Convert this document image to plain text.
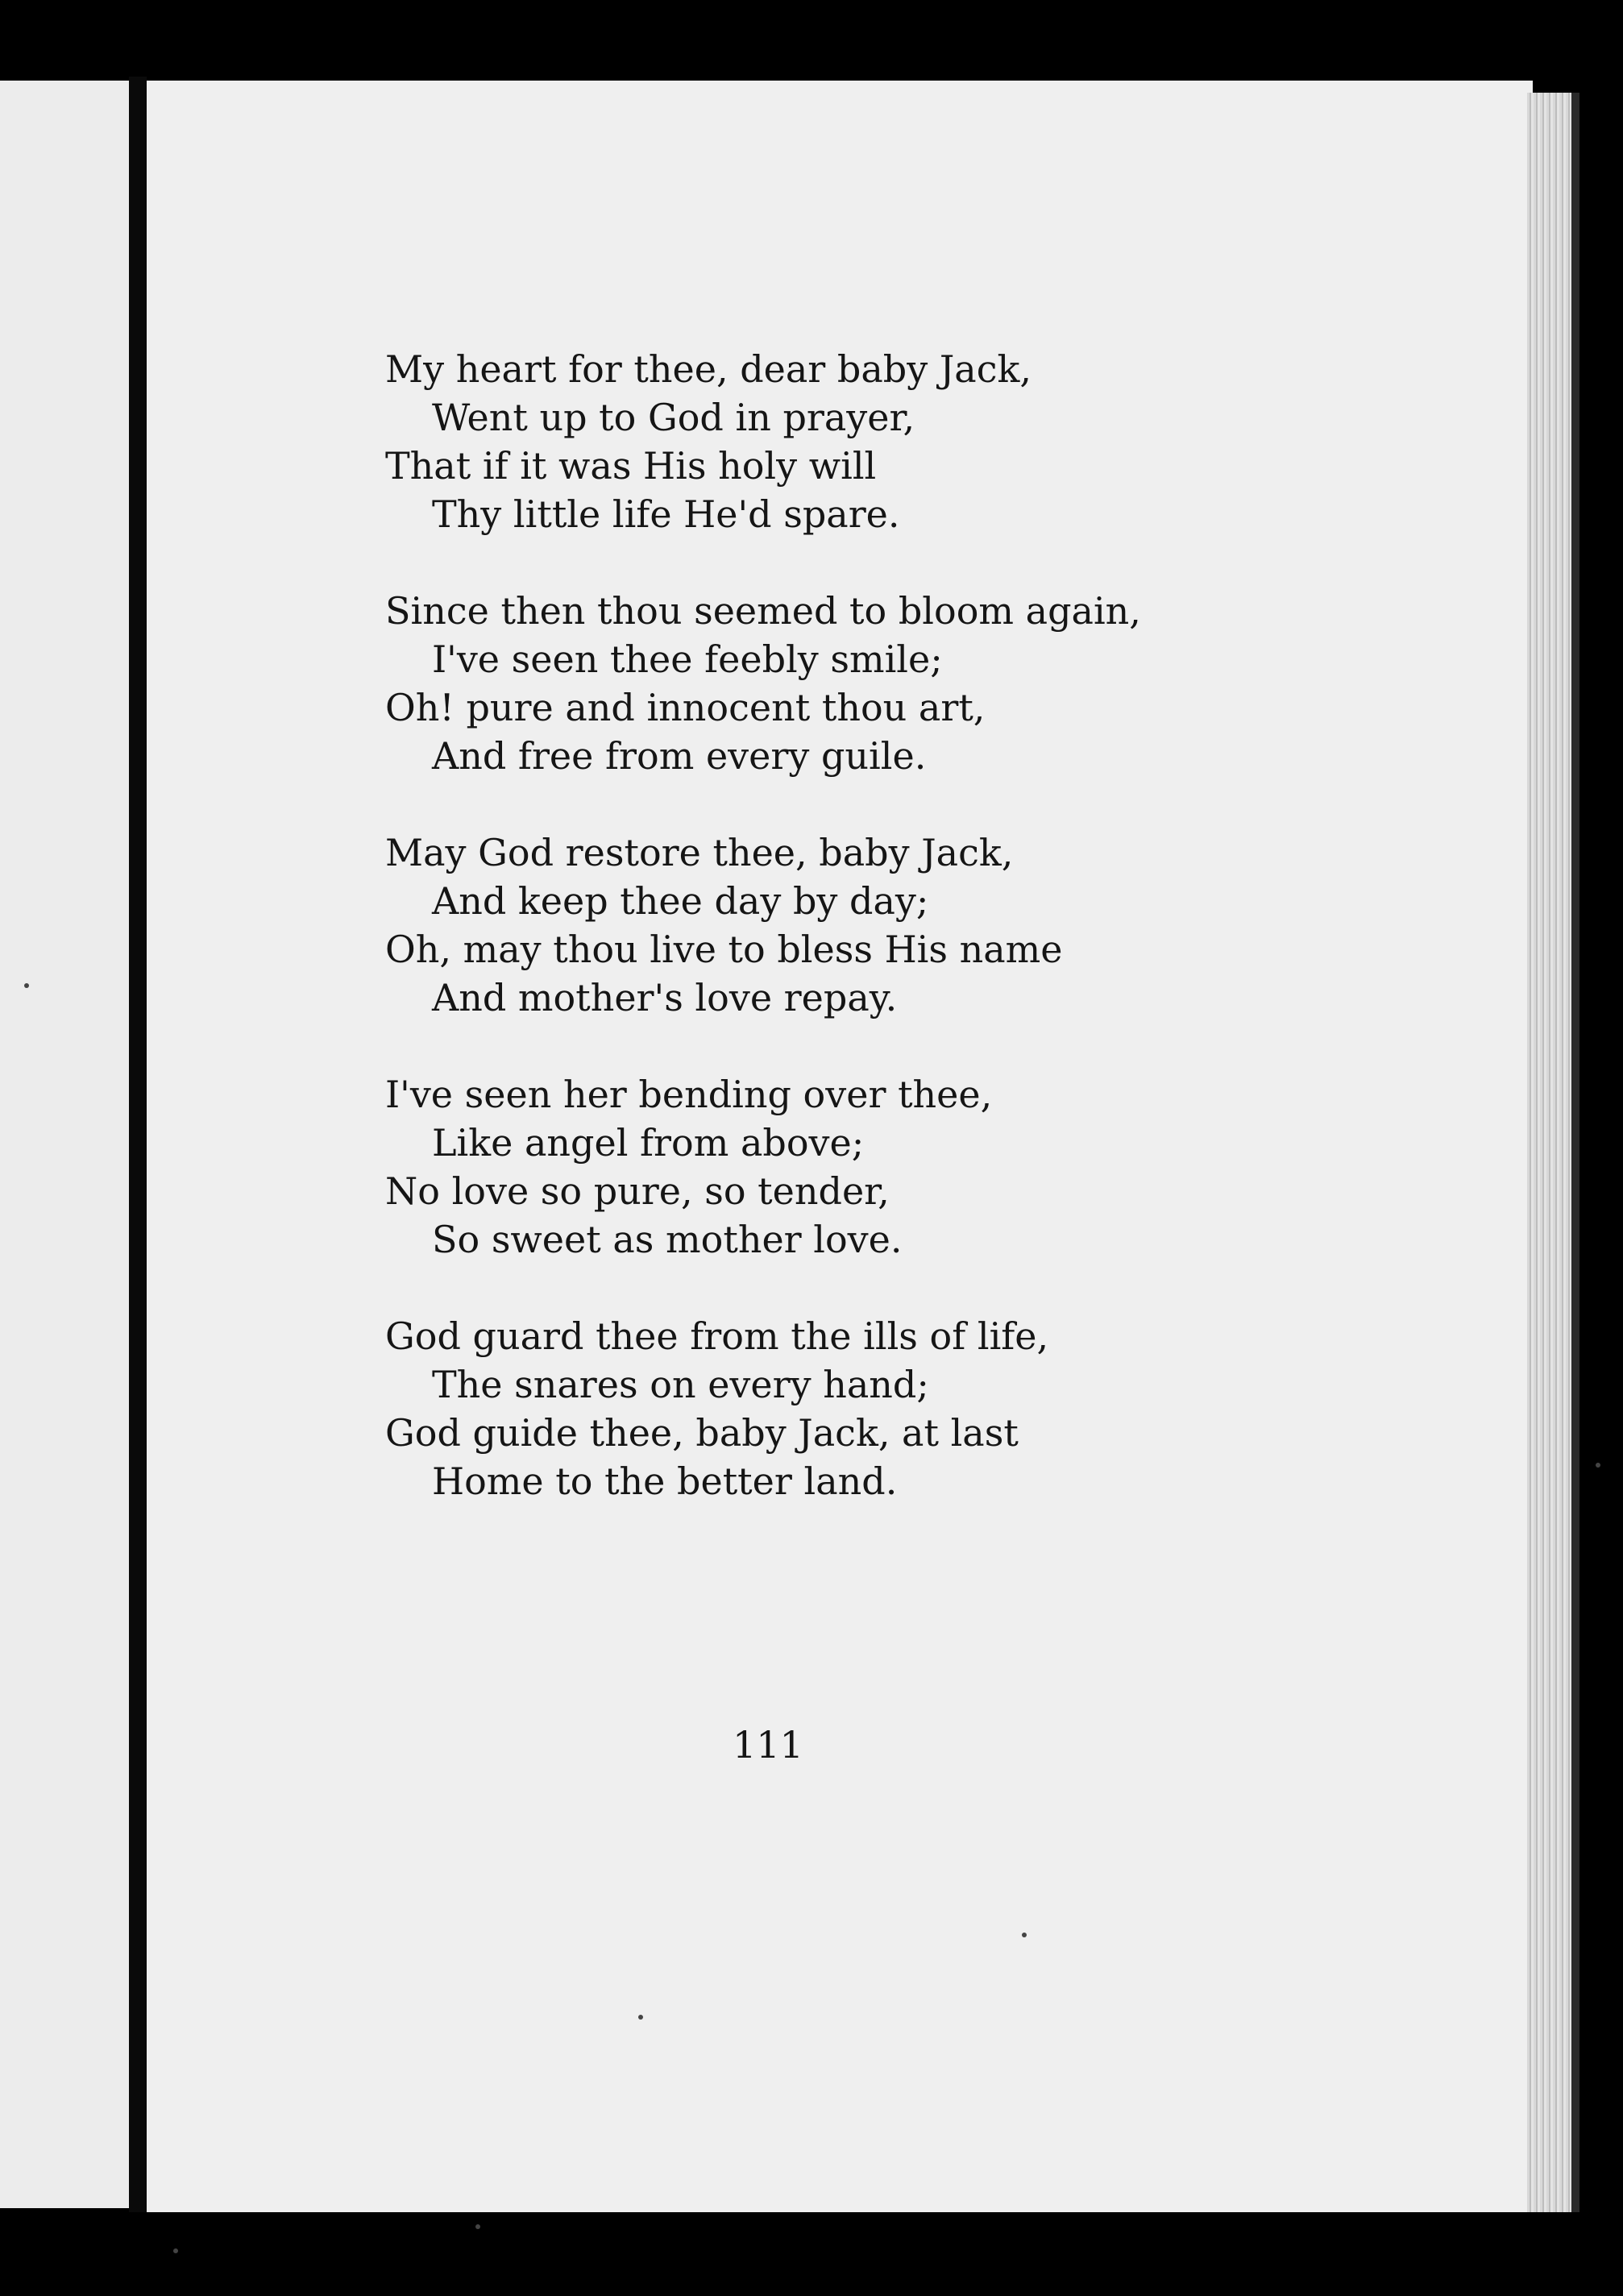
My heart for thee, dear baby Jack,
Went up to God in prayer,
That if it was His holy will
Thy little life He'd spare.
Since then thou seemed to bloom again,
I've seen thee feebly smile;
Oh! pure and innocent thou art,
And free from every guile.
May God restore thee, baby Jack,
And keep thee day by day;
Oh, may thou live to bless His name
And mother's love repay.
I've seen her bending over thee,
Like angel from above;
No love so pure, so tender,
So sweet as mother love.
God guard thee from the ills of life,
The snares on every hand;
God guide thee, baby Jack, at last
Home to the better land.
111
